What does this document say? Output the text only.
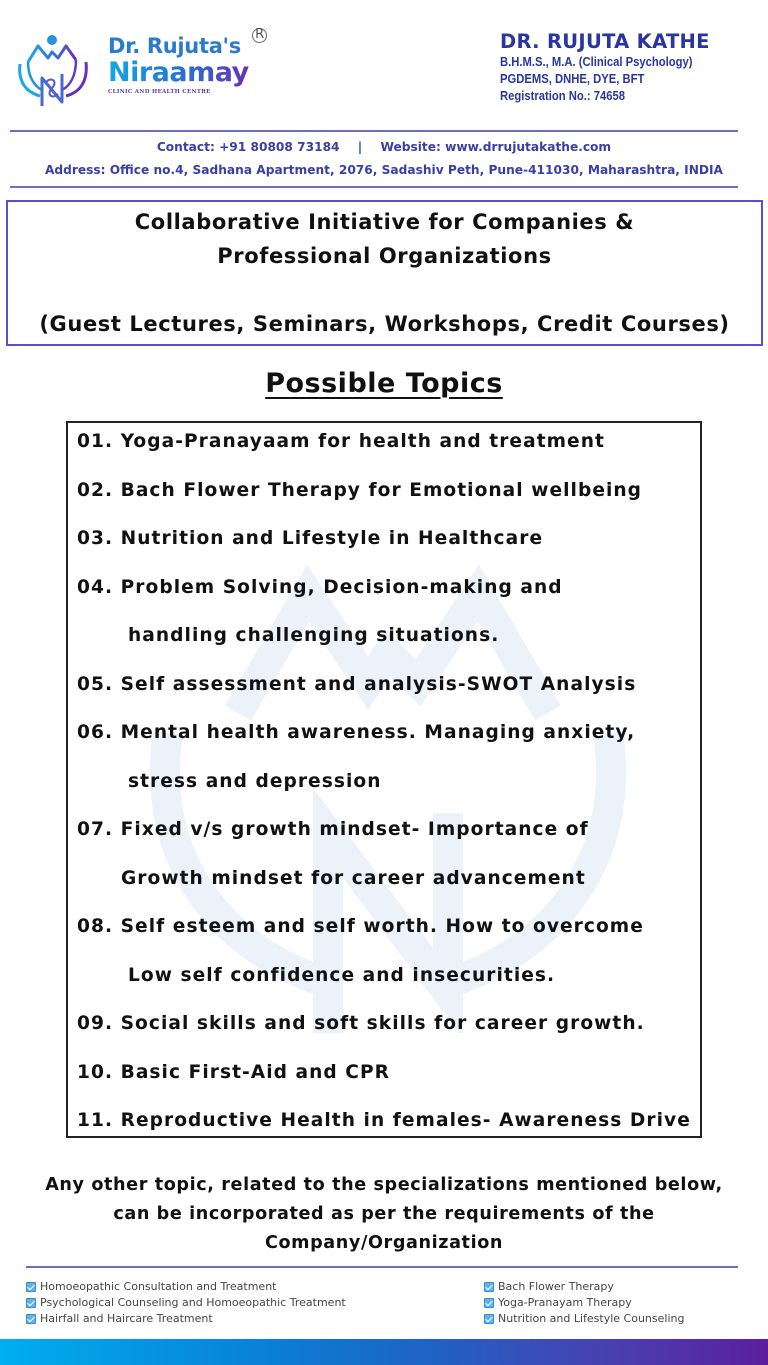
Dr. Rujuta's R
Niraamay
CLINIC AND HEALTH CENTRE
DR. RUJUTA KATHE
B.H.M.S., M.A. (Clinical Psychology)
PGDEMS, DNHE, DYE, BFT
Registration No.: 74658
Contact: +91 80808 73184 | Website: www.drrujutakathe.com
Address: Office no.4, Sadhana Apartment, 2076, Sadashiv Peth, Pune-411030, Maharashtra, INDIA
Collaborative Initiative for Companies &
Professional Organizations
(Guest Lectures, Seminars, Workshops, Credit Courses)
Possible Topics
01. Yoga-Pranayaam for health and treatment
02. Bach Flower Therapy for Emotional wellbeing
03. Nutrition and Lifestyle in Healthcare
04. Problem Solving, Decision-making and
handling challenging situations.
05. Self assessment and analysis-SWOT Analysis
06. Mental health awareness. Managing anxiety,
stress and depression
07. Fixed v/s growth mindset- Importance of
Growth mindset for career advancement
08. Self esteem and self worth. How to overcome
Low self confidence and insecurities.
09. Social skills and soft skills for career growth.
10. Basic First-Aid and CPR
11. Reproductive Health in females- Awareness Drive
Any other topic, related to the specializations mentioned below,
can be incorporated as per the requirements of the
Company/Organization
Homoeopathic Consultation and Treatment
Psychological Counseling and Homoeopathic Treatment
Hairfall and Haircare Treatment
Bach Flower Therapy
Yoga-Pranayam Therapy
Nutrition and Lifestyle Counseling
